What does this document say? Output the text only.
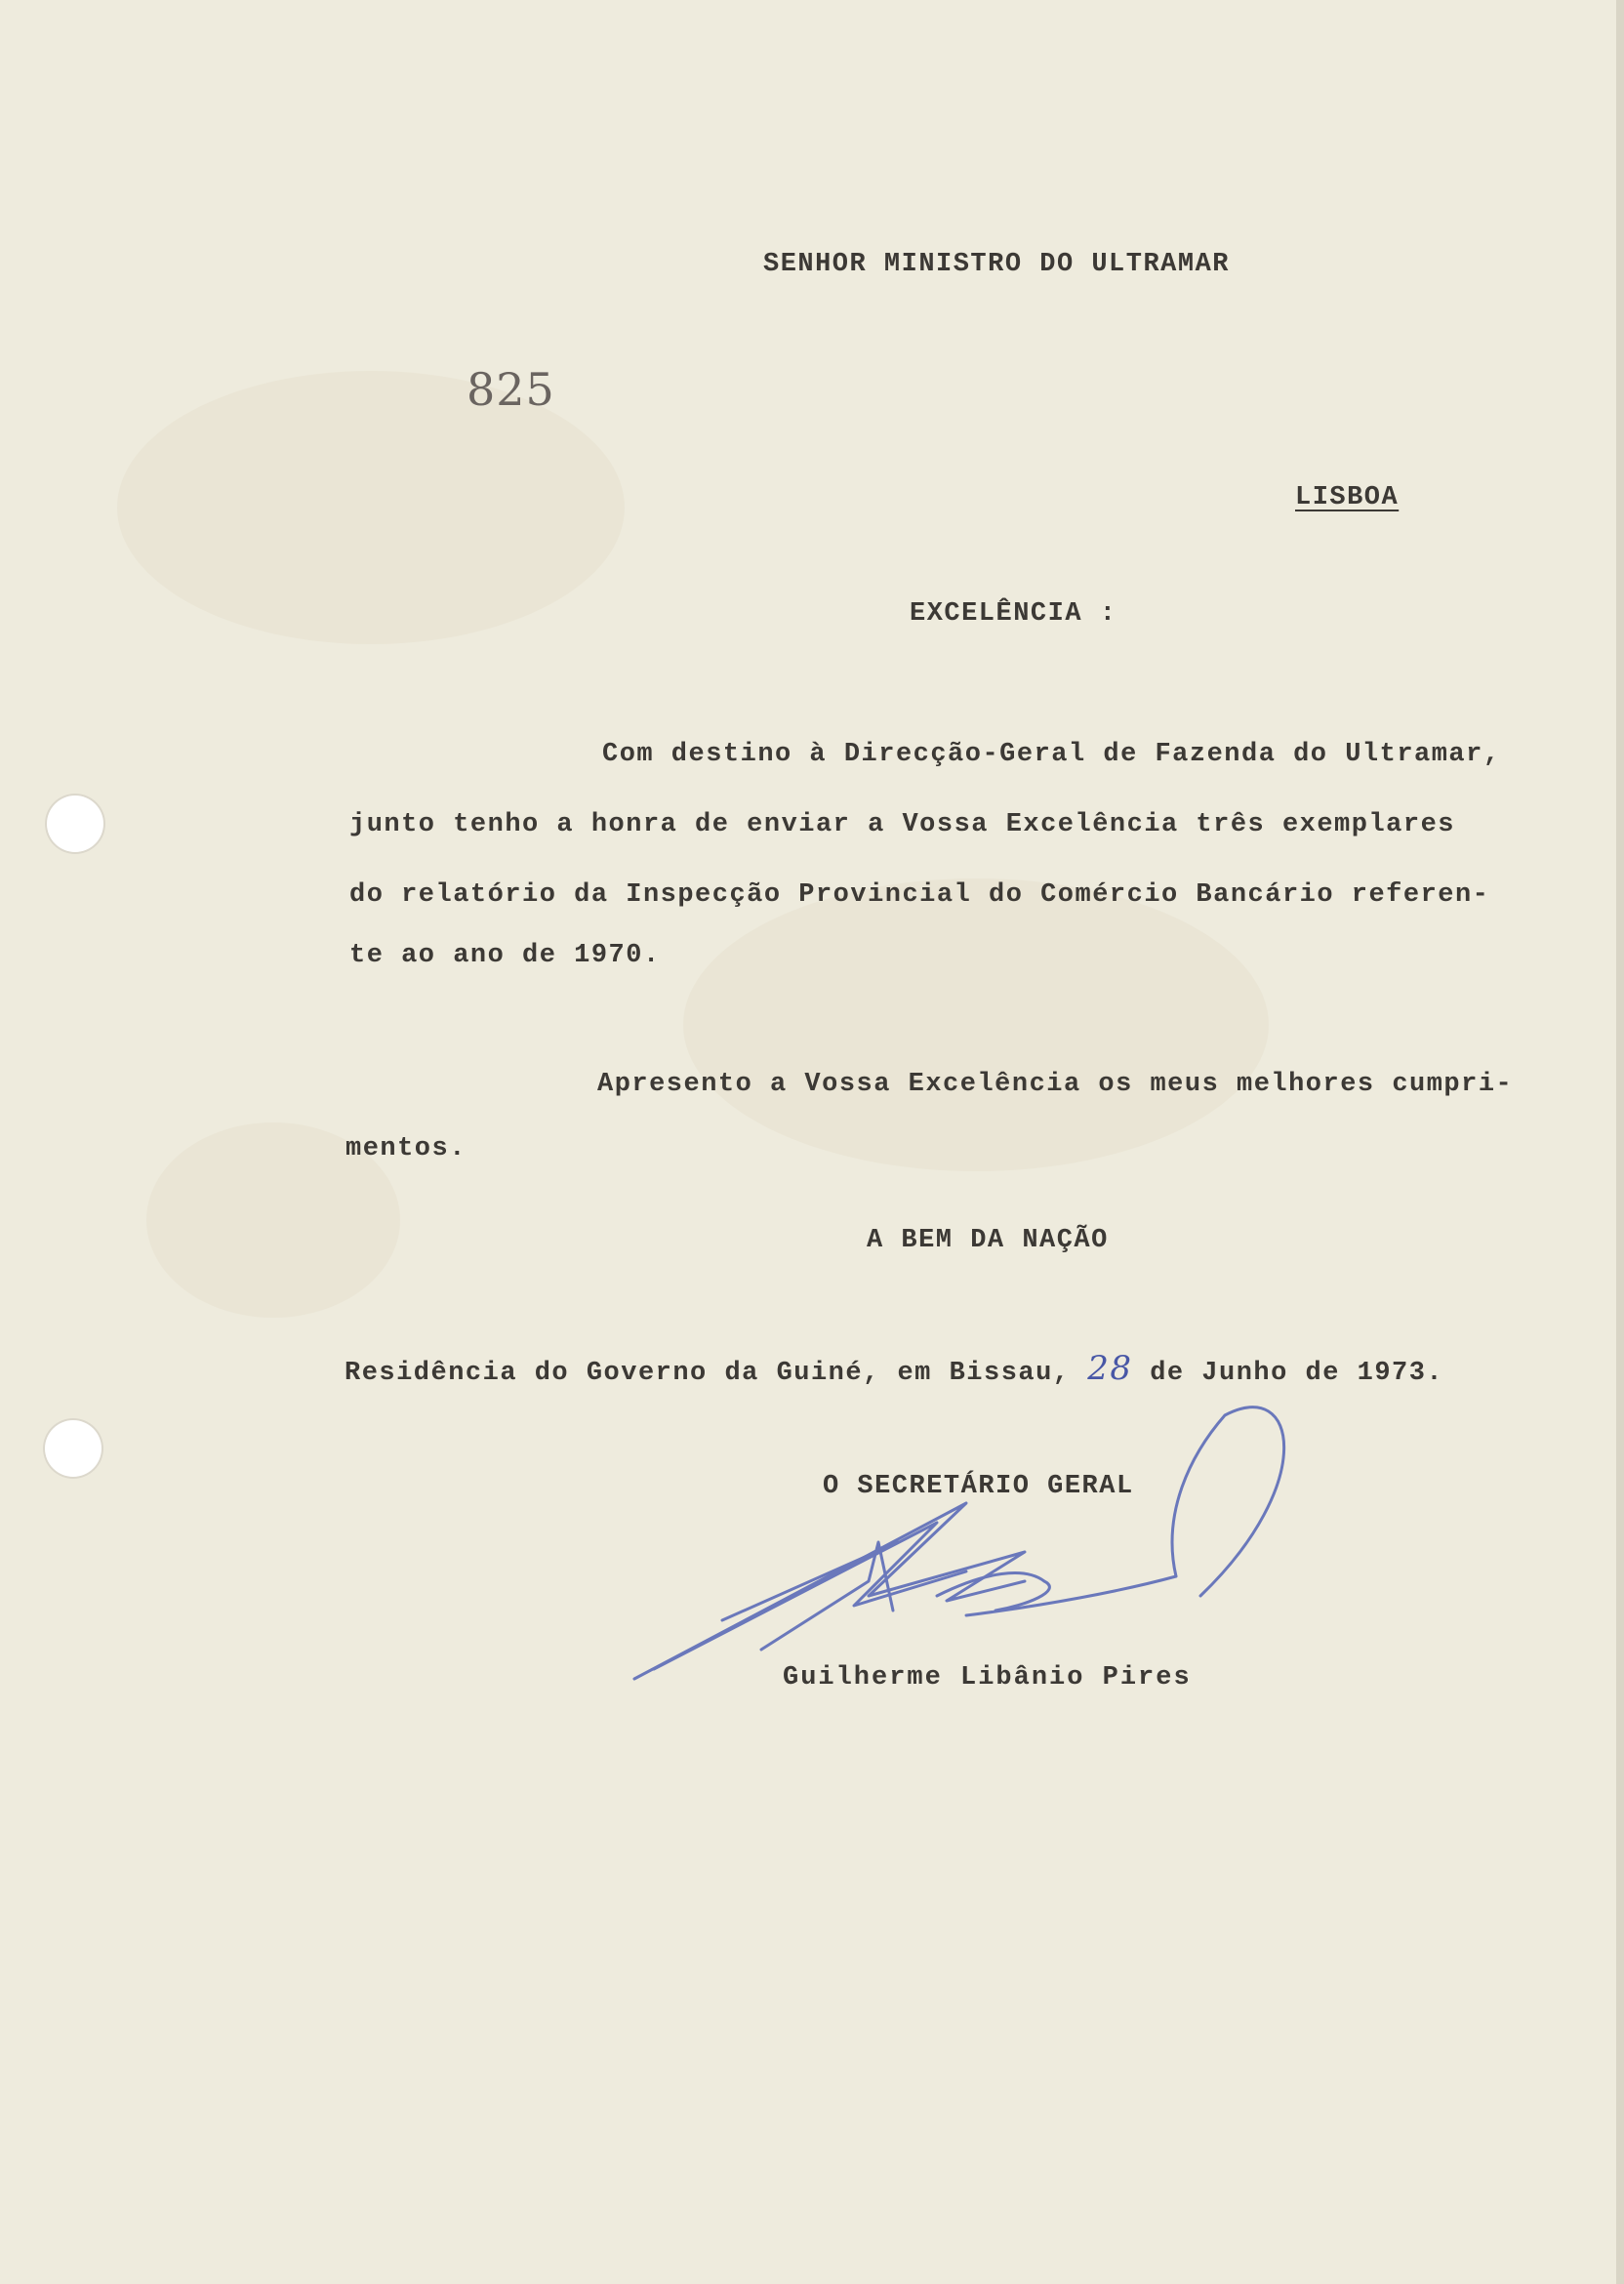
SENHOR MINISTRO DO ULTRAMAR
825
LISBOA
EXCELÊNCIA :
Com destino à Direcção-Geral de Fazenda do Ultramar,
junto tenho a honra de enviar a Vossa Excelência três exemplares
do relatório da Inspecção Provincial do Comércio Bancário referen-
te ao ano de 1970.
Apresento a Vossa Excelência os meus melhores cumpri-
mentos.
A BEM DA NAÇÃO
Residência do Governo da Guiné, em Bissau, 28 de Junho de 1973.
O SECRETÁRIO GERAL
Guilherme Libânio Pires
